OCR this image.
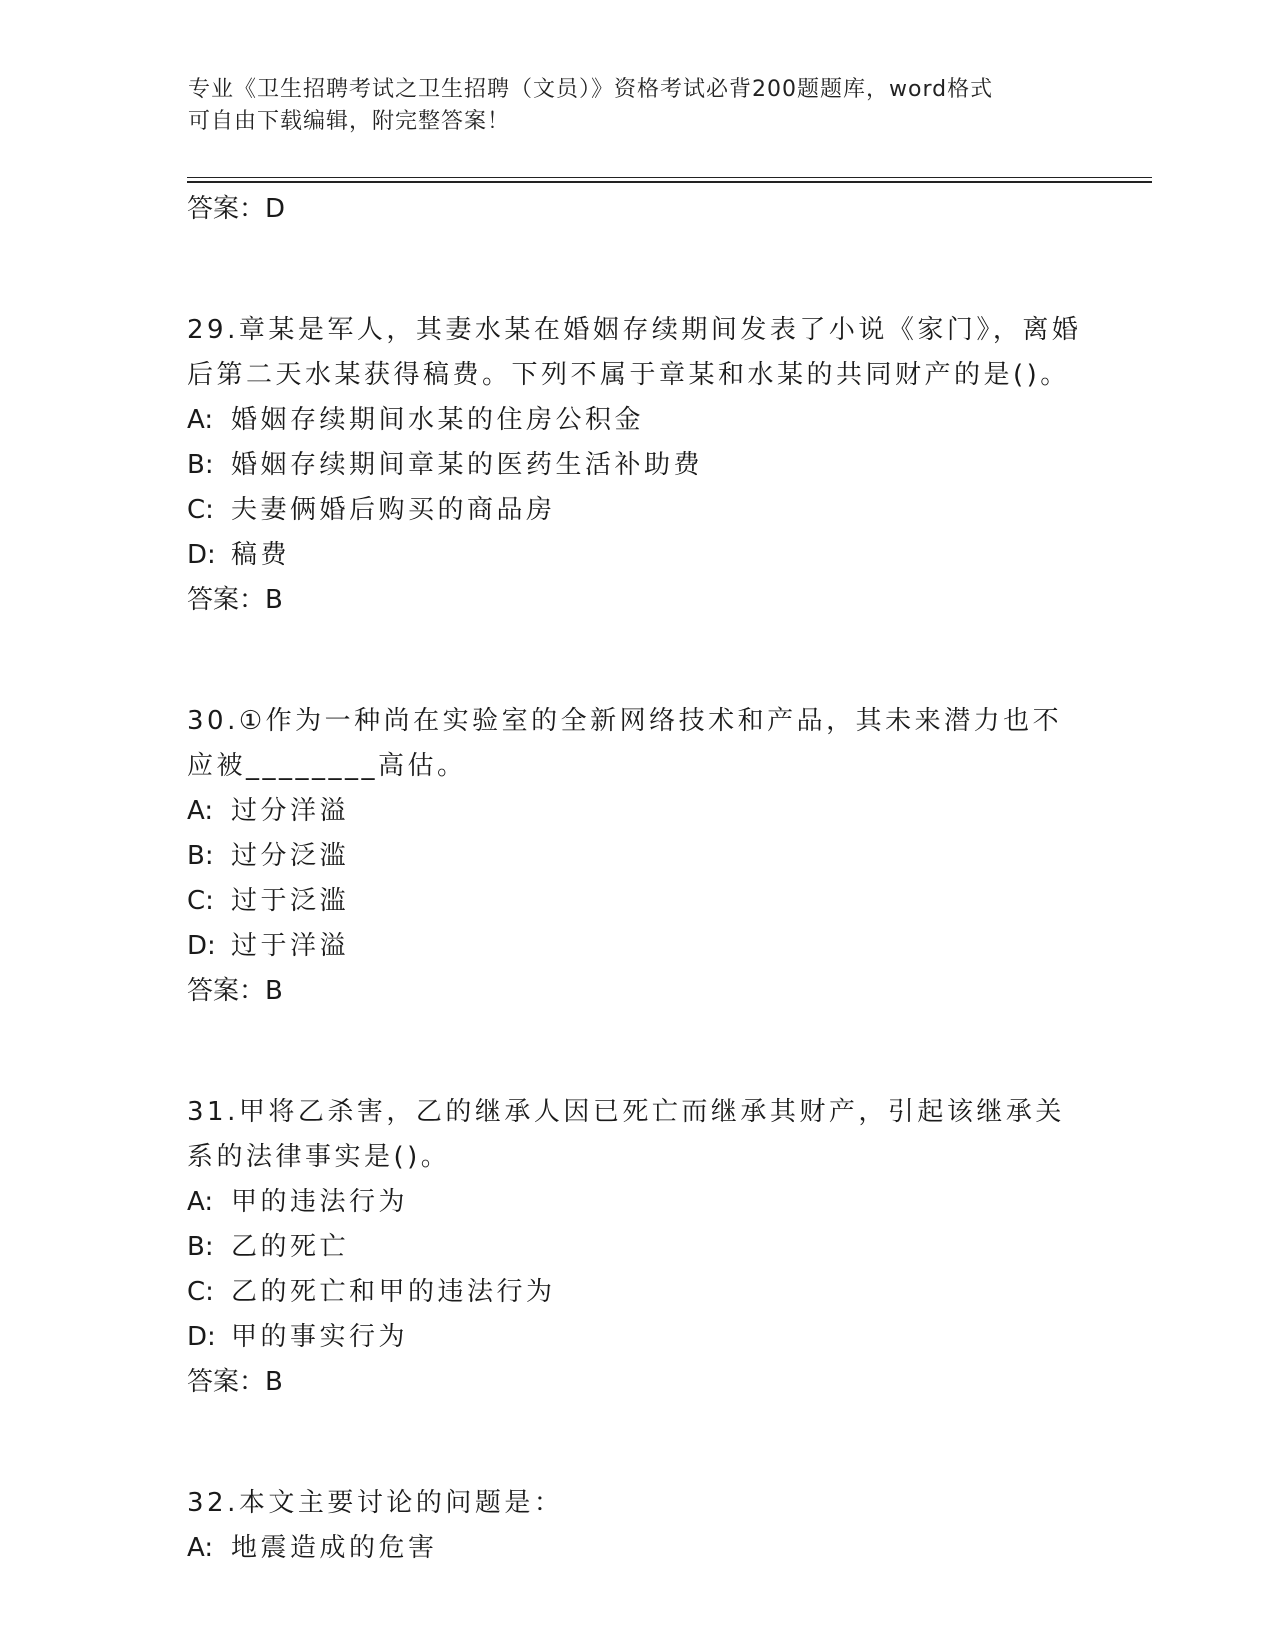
专业《卫生招聘考试之卫生招聘（文员）》资格考试必背200题题库，word格式
可自由下载编辑，附完整答案！
答案：D
29.章某是军人，其妻水某在婚姻存续期间发表了小说《家门》，离婚后第二天水某获得稿费。下列不属于章某和水某的共同财产的是()。
A: 婚姻存续期间水某的住房公积金
B: 婚姻存续期间章某的医药生活补助费
C: 夫妻俩婚后购买的商品房
D: 稿费
答案：B
30.①作为一种尚在实验室的全新网络技术和产品，其未来潜力也不应被________高估。
A: 过分洋溢
B: 过分泛滥
C: 过于泛滥
D: 过于洋溢
答案：B
31.甲将乙杀害，乙的继承人因已死亡而继承其财产，引起该继承关系的法律事实是()。
A: 甲的违法行为
B: 乙的死亡
C: 乙的死亡和甲的违法行为
D: 甲的事实行为
答案：B
32.本文主要讨论的问题是：
A: 地震造成的危害
